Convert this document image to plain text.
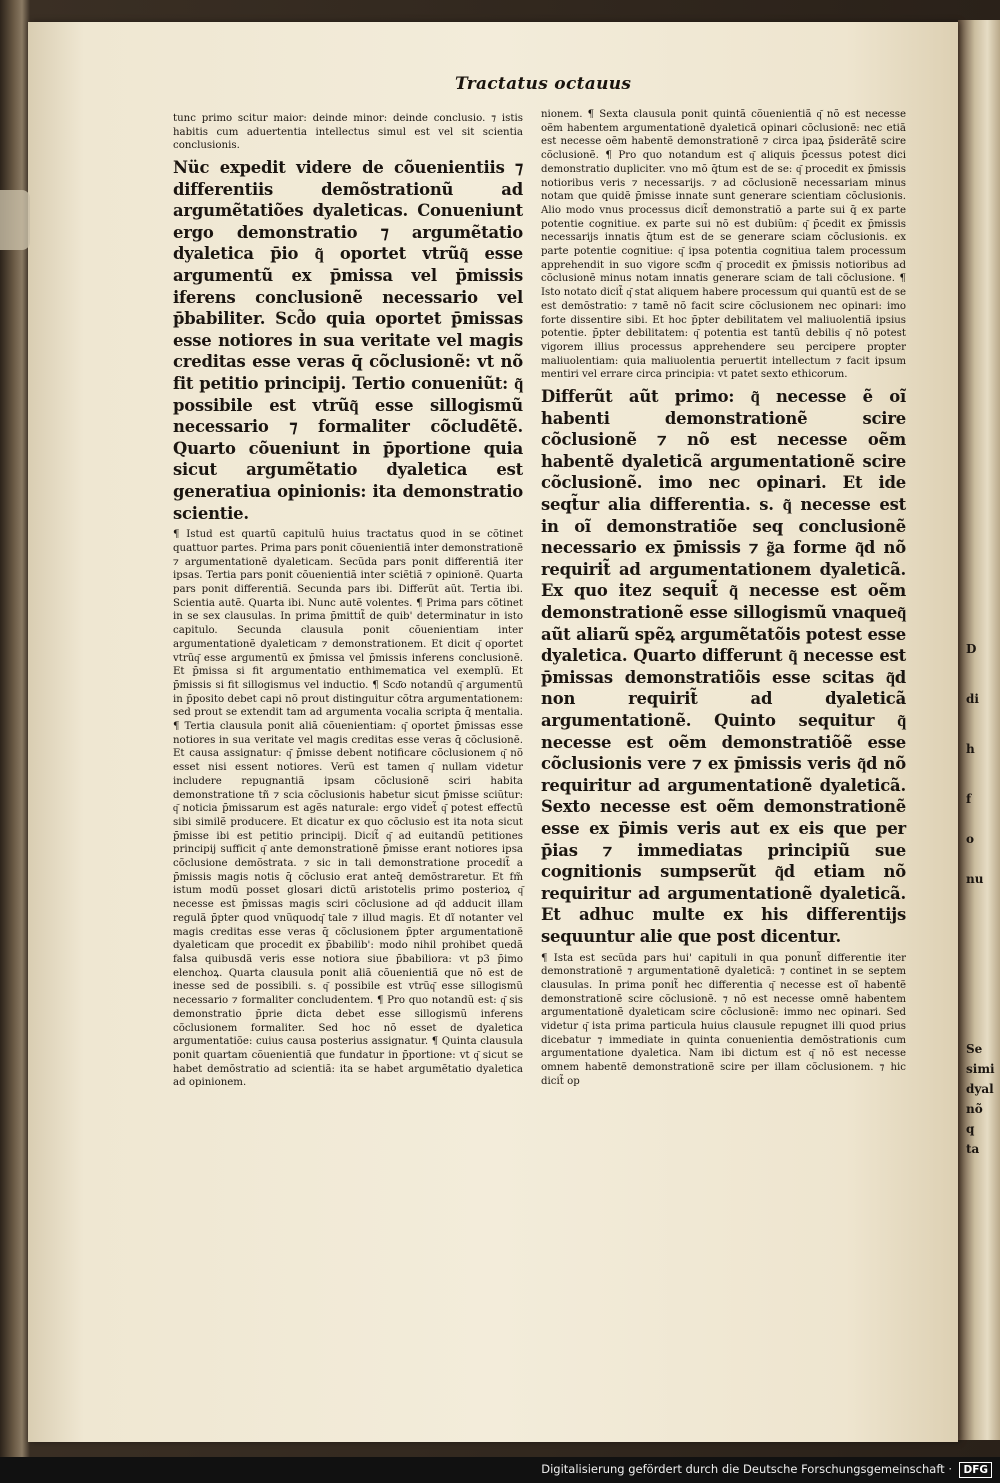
Tractatus octauus

tunc primo scitur maior: deinde minor: deinde conclusio. ⁊ istis habitis cum aduertentia intellectus simul est vel sit scientia conclusionis.

Nüc expedit videre de cõuenientiis ⁊ differentiis demõstrationũ ad argumẽtatiões dyaleticas. Conueniunt ergo demonstratio ⁊ argumẽtatio dyaletica p̄io q͂ oportet vtrũq͂ esse argumentũ ex p̄missa vel p̄missis iferens conclusionẽ necessario vel p̄babiliter. Scd͂o quia oportet p̄missas esse notiores in sua veritate vel magis creditas esse veras q̄ cõclusionẽ: vt nõ fit petitio principij. Tertio conueniũt: q͂ possibile est vtrũq͂ esse sillogismũ necessario ⁊ formaliter cõcludẽtẽ. Quarto cõueniunt in p̄portione quia sicut argumẽtatio dyaletica est generatiua opinionis: ita demonstratio scientie.

¶ Istud est quartũ capitulũ huius tractatus quod in se cõtinet quattuor partes. Prima pars ponit cõuenientiã inter demonstrationẽ ⁊ argumentationẽ dyaleticam. Secũda pars ponit differentiã iter ipsas. Tertia pars ponit cõuenientiã inter sciẽtiã ⁊ opinionẽ. Quarta pars ponit differentiã. Secunda pars ibi. Differũt aũt. Tertia ibi. Scientia autẽ. Quarta ibi. Nunc autẽ volentes. ¶ Prima pars cõtinet in se sex clausulas. In prima p̄mittit̃ de quib' determinatur in isto capitulo. Secunda clausula ponit cõuenientiam inter argumentationẽ dyaleticam ⁊ demonstrationem. Et dicit q͂ oportet vtrũq͂ esse argumentũ ex p̄missa vel p̄missis inferens conclusionẽ. Et p̄missa si fit argumentatio enthimematica vel exemplũ. Et p̄missis si fit sillogismus vel inductio. ¶ Scd͂o notandũ q͂ argumentũ in p̄posito debet capi nõ prout distinguitur cõtra argumentationem: sed prout se extendit tam ad argumenta vocalia scripta q̄ mentalia. ¶ Tertia clausula ponit aliã cõuenientiam: q͂ oportet p̄missas esse notiores in sua veritate vel magis creditas esse veras q̄ cõclusionẽ. Et causa assignatur: q͂ p̄misse debent notificare cõclusionem q͂ nõ esset nisi essent notiores. Verũ est tamen q͂ nullam videtur includere repugnantiã ipsam cõclusionẽ sciri habita demonstratione tñ ⁊ scia cõclusionis habetur sicut p̄misse sciũtur: q͂ noticia p̄missarum est agẽs naturale: ergo videt̃ q͂ potest effectũ sibi similẽ producere. Et dicatur ex quo cõclusio est ita nota sicut p̄misse ibi est petitio principij. Dicit̃ q͂ ad euitandũ petitiones principij sufficit q͂ ante demonstrationẽ p̄misse erant notiores ipsa cõclusione demõstrata. ⁊ sic in tali demonstratione procedit̃ a p̄missis magis notis q̄ cõclusio erat anteq̄ demõstraretur. Et fm̃ istum modũ posset glosari dictũ aristotelis primo posterioꝝ q͂ necesse est p̄missas magis sciri cõclusione ad q͂d adducit illam regulã p̄pter quod vnũquodq͂ tale ⁊ illud magis. Et dĩ notanter vel magis creditas esse veras q̄ cõclusionem p̄pter argumentationẽ dyaleticam que procedit ex p̄babilib': modo nihil prohibet quedã falsa quibusdã veris esse notiora siue p̄babiliora: vt p3 p̄imo elenchoꝝ. Quarta clausula ponit aliã cõuenientiã que nõ est de inesse sed de possibili. s. q͂ possibile est vtrũq͂ esse sillogismũ necessario ⁊ formaliter concludentem. ¶ Pro quo notandũ est: q͂ sis demonstratio p̄prie dicta debet esse sillogismũ inferens cõclusionem formaliter. Sed hoc nõ esset de dyaletica argumentatiõe: cuius causa posterius assignatur. ¶ Quinta clausula ponit quartam cõuenientiã que fundatur in p̄portione: vt q͂ sicut se habet demõstratio ad scientiã: ita se habet argumẽtatio dyaletica ad opinionem.

nionem. ¶ Sexta clausula ponit quintã cõuenientiã q͂ nõ est necesse oẽm habentem argumentationẽ dyaleticã opinari cõclusionẽ: nec etiã est necesse oẽm habentẽ demonstrationẽ ⁊ circa ipaꝝ p̄siderãtẽ scire cõclusionẽ. ¶ Pro quo notandum est q͂ aliquis p̄cessus potest dici demonstratio dupliciter. vno mõ q̄tum est de se: q͂ procedit ex p̄missis notioribus veris ⁊ necessarijs. ⁊ ad cõclusionẽ necessariam minus notam que quidẽ p̄misse innate sunt generare scientiam cõclusionis. Alio modo vnus processus dicit̃ demonstratiõ a parte sui q̄ ex parte potentie cognitiue. ex parte sui nõ est dubiũm: q͂ p̄cedit ex p̄missis necessarijs innatis q̄tum est de se generare sciam cõclusionis. ex parte potentie cognitiue: q͂ ipsa potentia cognitiua talem processum apprehendit in suo vigore scd͂m q͂ procedit ex p̄missis notioribus ad cõclusionẽ minus notam innatis generare sciam de tali cõclusione. ¶ Isto notato dicit̃ q͂ stat aliquem habere processum qui quantũ est de se est demõstratio: ⁊ tamẽ nõ facit scire cõclusionem nec opinari: imo forte dissentire sibi. Et hoc p̄pter debilitatem vel maliuolentiã ipsius potentie. p̄pter debilitatem: q͂ potentia est tantũ debilis q͂ nõ potest vigorem illius processus apprehendere seu percipere propter maliuolentiam: quia maliuolentia peruertit intellectum ⁊ facit ipsum mentiri vel errare circa principia: vt patet sexto ethicorum.

Differũt aũt primo: q͂ necesse ẽ oĩ habenti demonstrationẽ scire cõclusionẽ ⁊ nõ est necesse oẽm habentẽ dyaleticã argumentationẽ scire cõclusionẽ. imo nec opinari. Et ide seqt̃ur alia differentia. s. q͂ necesse est in oĩ demonstratiõe seq conclusionẽ necessario ex p̄missis ⁊ g͂a forme q͂d nõ requirit̃ ad argumentationem dyaleticã. Ex quo itez sequit̃ q͂ necesse est oẽm demonstrationẽ esse sillogismũ vnaqueq͂ aũt aliarũ spẽꝝ argumẽtatõis potest esse dyaletica. Quarto differunt q͂ necesse est p̄missas demonstratiõis esse scitas q͂d non requirit̃ ad dyaleticã argumentationẽ. Quinto sequitur q͂ necesse est oẽm demonstratiõẽ esse cõclusionis vere ⁊ ex p̄missis veris q͂d nõ requiritur ad argumentationẽ dyaleticã. Sexto necesse est oẽm demonstrationẽ esse ex p̄imis veris aut ex eis que per p̄ias ⁊ immediatas principiũ sue cognitionis sumpserũt q͂d etiam nõ requiritur ad argumentationẽ dyaleticã. Et adhuc multe ex his differentijs sequuntur alie que post dicentur.

¶ Ista est secũda pars hui' capituli in qua ponunt̃ differentie iter demonstrationẽ ⁊ argumentationẽ dyaleticã: ⁊ continet in se septem clausulas. In prima ponit̃ hec differentia q͂ necesse est oĩ habentẽ demonstrationẽ scire cõclusionẽ. ⁊ nõ est necesse omnẽ habentem argumentationẽ dyaleticam scire cõclusionẽ: immo nec opinari. Sed videtur q͂ ista prima particula huius clausule repugnet illi quod prius dicebatur ⁊ immediate in quinta conuenientia demõstrationis cum argumentatione dyaletica. Nam ibi dictum est q͂ nõ est necesse omnem habentẽ demonstrationẽ scire per illam cõclusionem. ⁊ hic dicit̃ op

D
di
h
f
o
nu
Se
simi
dyal
nõ
q
ta
Digitalisierung gefördert durch die Deutsche Forschungsgemeinschaft ·	DFG
